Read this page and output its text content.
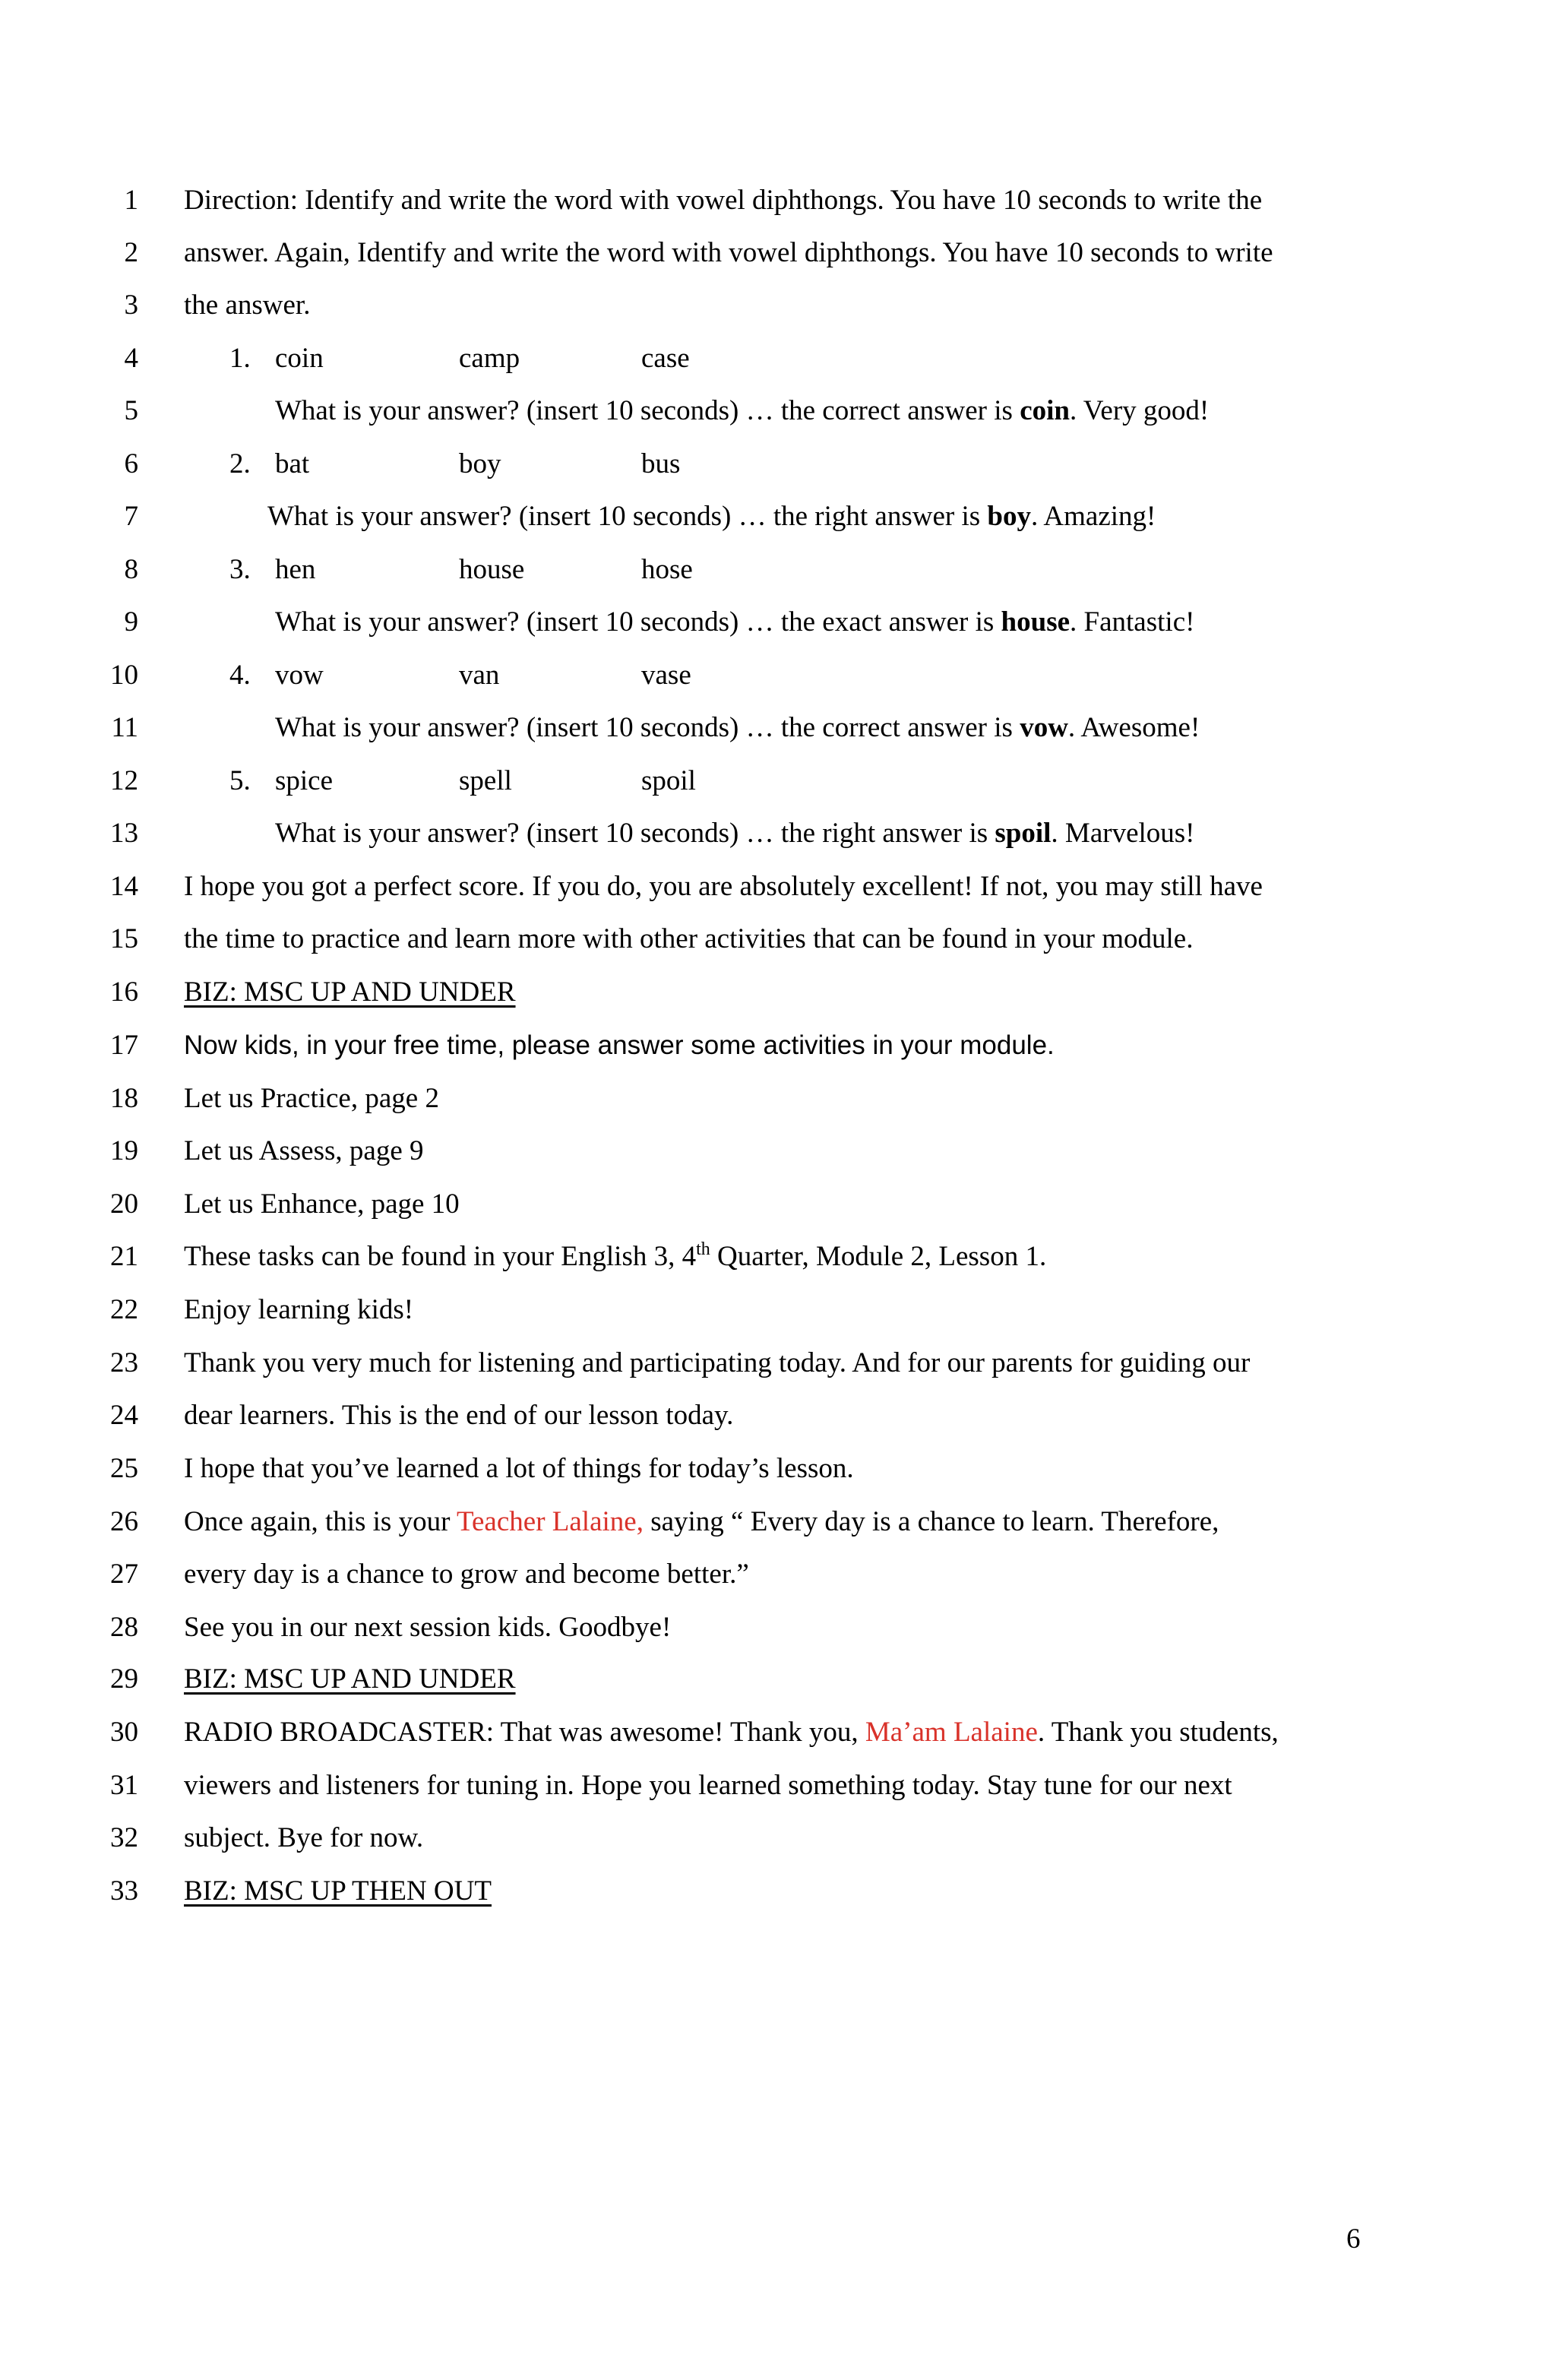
1 Direction: Identify and write the word with vowel diphthongs. You have 10 seconds to write the
2 answer. Again, Identify and write the word with vowel diphthongs. You have 10 seconds to write
3 the answer.
4	1. coin	camp	case
5	What is your answer? (insert 10 seconds) … the correct answer is coin. Very good!
6	2. bat	boy	bus
7	What is your answer? (insert 10 seconds) … the right answer is boy. Amazing!
8	3. hen	house	hose
9	What is your answer? (insert 10 seconds) … the exact answer is house. Fantastic!
10	4. vow	van	vase
11	What is your answer? (insert 10 seconds) … the correct answer is vow. Awesome!
12	5. spice	spell	spoil
13	What is your answer? (insert 10 seconds) … the right answer is spoil. Marvelous!
14 I hope you got a perfect score. If you do, you are absolutely excellent! If not, you may still have
15 the time to practice and learn more with other activities that can be found in your module.
16 BIZ: MSC UP AND UNDER
17 Now kids, in your free time, please answer some activities in your module.
18 Let us Practice, page 2
19 Let us Assess, page 9
20 Let us Enhance, page 10
21 These tasks can be found in your English 3, 4th Quarter, Module 2, Lesson 1.
22 Enjoy learning kids!
23 Thank you very much for listening and participating today. And for our parents for guiding our
24 dear learners. This is the end of our lesson today.
25 I hope that you’ve learned a lot of things for today’s lesson.
26 Once again, this is your Teacher Lalaine, saying “ Every day is a chance to learn. Therefore,
27 every day is a chance to grow and become better.”
28 See you in our next session kids. Goodbye!
29 BIZ: MSC UP AND UNDER
30 RADIO BROADCASTER: That was awesome! Thank you, Ma’am Lalaine. Thank you students,
31 viewers and listeners for tuning in. Hope you learned something today. Stay tune for our next
32 subject. Bye for now.
33 BIZ: MSC UP THEN OUT
6
